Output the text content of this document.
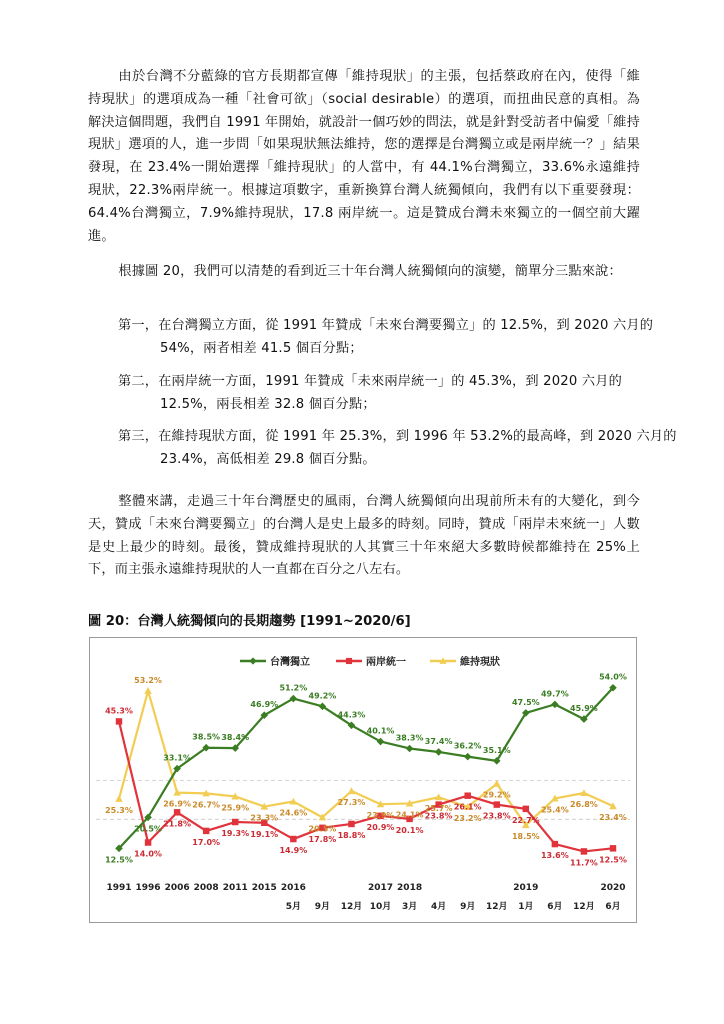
由於台灣不分藍綠的官方長期都宣傳「維持現狀」的主張，包括蔡政府在內，使得「維持現狀」的選項成為一種「社會可欲」（social desirable）的選項，而扭曲民意的真相。為解決這個問題，我們自 1991 年開始，就設計一個巧妙的問法，就是針對受訪者中偏愛「維持現狀」選項的人，進一步問「如果現狀無法維持，您的選擇是台灣獨立或是兩岸統一？」結果發現，在 23.4%一開始選擇「維持現狀」的人當中，有 44.1%台灣獨立，33.6%永遠維持現狀，22.3%兩岸統一。根據這項數字，重新換算台灣人統獨傾向，我們有以下重要發現：64.4%台灣獨立，7.9%維持現狀，17.8 兩岸統一。這是贊成台灣未來獨立的一個空前大躍進。

根據圖 20，我們可以清楚的看到近三十年台灣人統獨傾向的演變，簡單分三點來說：

第一，在台灣獨立方面，從 1991 年贊成「未來台灣要獨立」的 12.5%，到 2020 六月的 54%，兩者相差 41.5 個百分點；

第二，在兩岸統一方面，1991 年贊成「未來兩岸統一」的 45.3%，到 2020 六月的 12.5%，兩長相差 32.8 個百分點；

第三，在維持現狀方面，從 1991 年 25.3%，到 1996 年 53.2%的最高峰，到 2020 六月的 23.4%，高低相差 29.8 個百分點。

整體來講，走過三十年台灣歷史的風雨，台灣人統獨傾向出現前所未有的大變化，到今天，贊成「未來台灣要獨立」的台灣人是史上最多的時刻。同時，贊成「兩岸未來統一」人數是史上最少的時刻。最後，贊成維持現狀的人其實三十年來絕大多數時候都維持在 25%上下，而主張永遠維持現狀的人一直都在百分之八左右。

圖 20：台灣人統獨傾向的長期趨勢 [1991~2020/6]

台灣獨立	兩岸統一	維持現狀
12.5%
20.5%
33.1%
38.5% 38.4%
46.9%
51.2%
49.2%
44.3%
40.1%
38.3% 37.4%
36.2% 35.1%
47.5%
49.7%
45.9%
54.0%
45.3%
14.0%
21.8%
17.0%
19.3% 19.1%
14.9%
17.8% 18.8%
20.9% 20.1%
23.8%
26.1%
23.8% 22.7%
13.6%
11.7% 12.5%
25.3%
53.2%
26.9% 26.7% 25.9%
23.3%
24.6%
20.5%
27.3%
23.9% 24.1%
25.7%
23.2%
29.2%
18.5%
25.4%
26.8%
23.4%
1991 1996 2006 2008 2011 2015 2016
5月 9月 12月
2017
10月
2018
3月 4月 9月 12月
2019
1月 6月 12月
2020
6月
